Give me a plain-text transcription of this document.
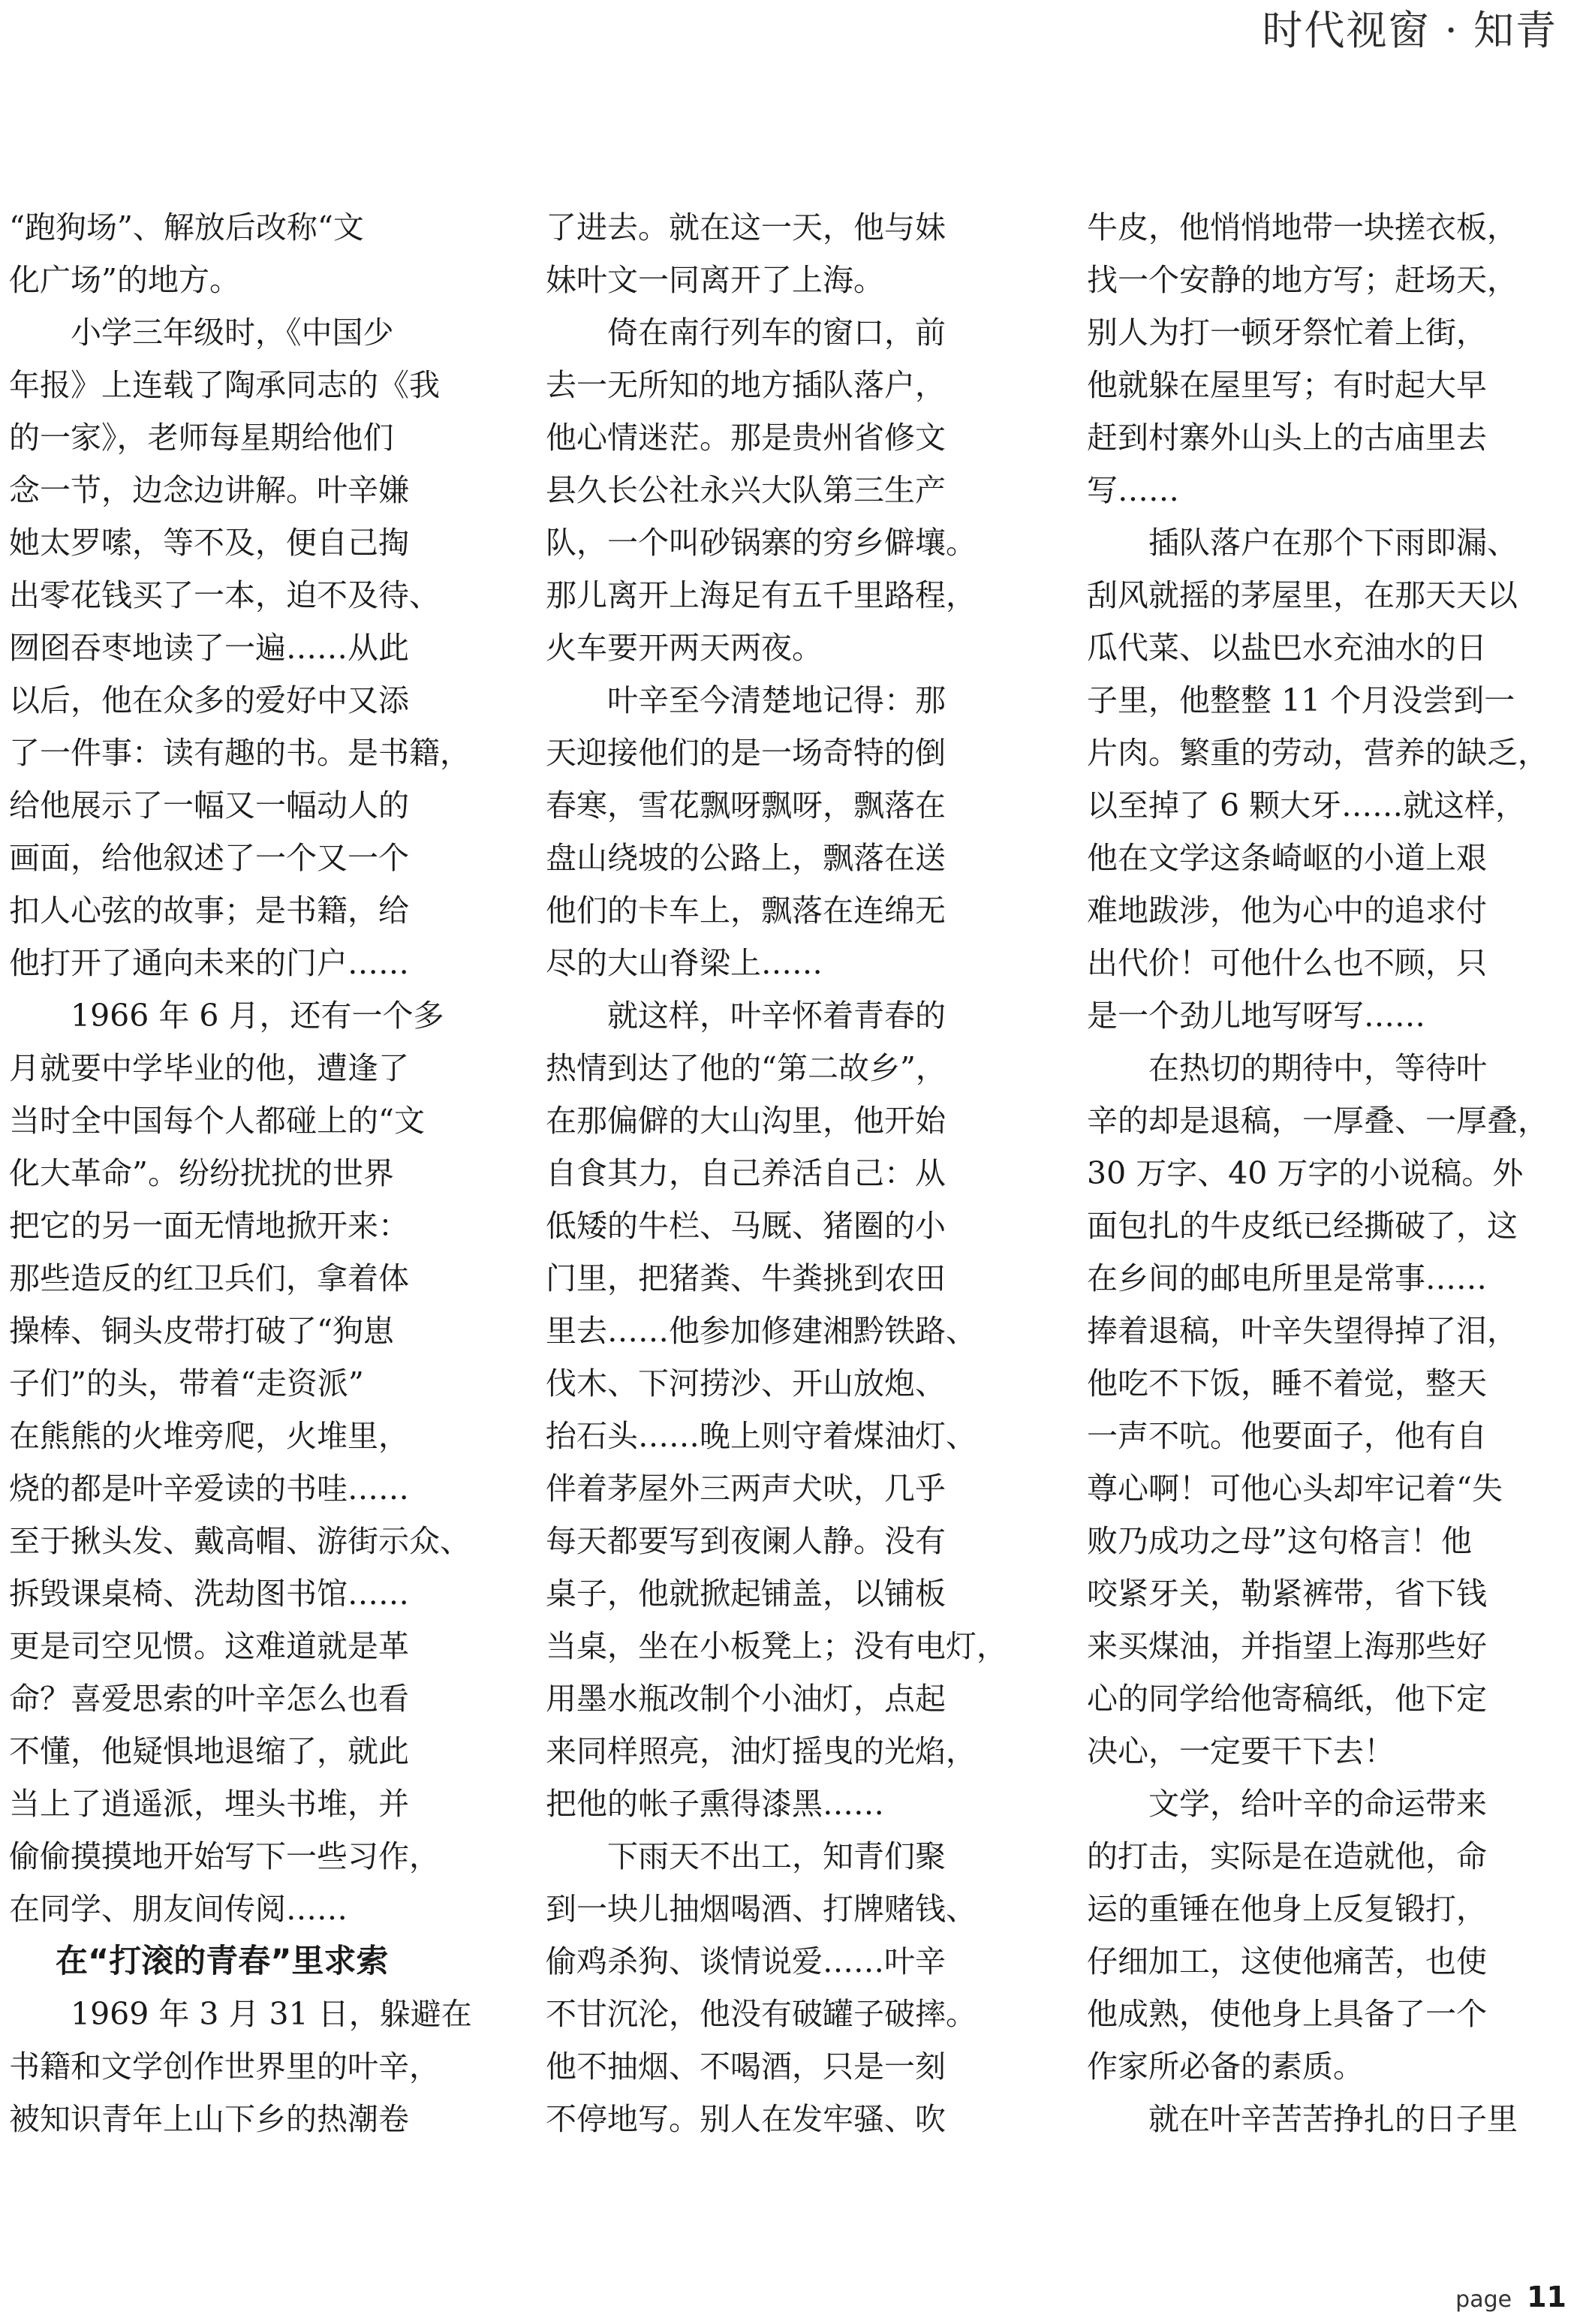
时代视窗 · 知青
“跑狗场”、解放后改称“文
化广场”的地方。
　　小学三年级时，《中国少
年报》上连载了陶承同志的《我
的一家》，老师每星期给他们
念一节，边念边讲解。叶辛嫌
她太罗嗦，等不及，便自己掏
出零花钱买了一本，迫不及待、
囫囵吞枣地读了一遍……从此
以后，他在众多的爱好中又添
了一件事：读有趣的书。是书籍，
给他展示了一幅又一幅动人的
画面，给他叙述了一个又一个
扣人心弦的故事；是书籍，给
他打开了通向未来的门户……
　　1966 年 6 月，还有一个多
月就要中学毕业的他，遭逢了
当时全中国每个人都碰上的“文
化大革命”。纷纷扰扰的世界
把它的另一面无情地掀开来：
那些造反的红卫兵们，拿着体
操棒、铜头皮带打破了“狗崽
子们”的头，带着“走资派”
在熊熊的火堆旁爬，火堆里，
烧的都是叶辛爱读的书哇……
至于揪头发、戴高帽、游街示众、
拆毁课桌椅、洗劫图书馆……
更是司空见惯。这难道就是革
命？喜爱思索的叶辛怎么也看
不懂，他疑惧地退缩了，就此
当上了逍遥派，埋头书堆，并
偷偷摸摸地开始写下一些习作，
在同学、朋友间传阅……
在“打滚的青春”里求索
　　1969 年 3 月 31 日，躲避在
书籍和文学创作世界里的叶辛，
被知识青年上山下乡的热潮卷
了进去。就在这一天，他与妹
妹叶文一同离开了上海。
　　倚在南行列车的窗口，前
去一无所知的地方插队落户，
他心情迷茫。那是贵州省修文
县久长公社永兴大队第三生产
队，一个叫砂锅寨的穷乡僻壤。
那儿离开上海足有五千里路程，
火车要开两天两夜。
　　叶辛至今清楚地记得：那
天迎接他们的是一场奇特的倒
春寒，雪花飘呀飘呀，飘落在
盘山绕坡的公路上，飘落在送
他们的卡车上，飘落在连绵无
尽的大山脊梁上……
　　就这样，叶辛怀着青春的
热情到达了他的“第二故乡”，
在那偏僻的大山沟里，他开始
自食其力，自己养活自己：从
低矮的牛栏、马厩、猪圈的小
门里，把猪粪、牛粪挑到农田
里去……他参加修建湘黔铁路、
伐木、下河捞沙、开山放炮、
抬石头……晚上则守着煤油灯、
伴着茅屋外三两声犬吠，几乎
每天都要写到夜阑人静。没有
桌子，他就掀起铺盖，以铺板
当桌，坐在小板凳上；没有电灯，
用墨水瓶改制个小油灯，点起
来同样照亮，油灯摇曳的光焰，
把他的帐子熏得漆黑……
　　下雨天不出工，知青们聚
到一块儿抽烟喝酒、打牌赌钱、
偷鸡杀狗、谈情说爱……叶辛
不甘沉沦，他没有破罐子破摔。
他不抽烟、不喝酒，只是一刻
不停地写。别人在发牢骚、吹
牛皮，他悄悄地带一块搓衣板，
找一个安静的地方写；赶场天，
别人为打一顿牙祭忙着上街，
他就躲在屋里写；有时起大早
赶到村寨外山头上的古庙里去
写……
　　插队落户在那个下雨即漏、
刮风就摇的茅屋里，在那天天以
瓜代菜、以盐巴水充油水的日
子里，他整整 11 个月没尝到一
片肉。繁重的劳动，营养的缺乏，
以至掉了 6 颗大牙……就这样，
他在文学这条崎岖的小道上艰
难地跋涉，他为心中的追求付
出代价！可他什么也不顾，只
是一个劲儿地写呀写……
　　在热切的期待中，等待叶
辛的却是退稿，一厚叠、一厚叠，
30 万字、40 万字的小说稿。外
面包扎的牛皮纸已经撕破了，这
在乡间的邮电所里是常事……
捧着退稿，叶辛失望得掉了泪，
他吃不下饭，睡不着觉，整天
一声不吭。他要面子，他有自
尊心啊！可他心头却牢记着“失
败乃成功之母”这句格言！他
咬紧牙关，勒紧裤带，省下钱
来买煤油，并指望上海那些好
心的同学给他寄稿纸，他下定
决心，一定要干下去！
　　文学，给叶辛的命运带来
的打击，实际是在造就他，命
运的重锤在他身上反复锻打，
仔细加工，这使他痛苦，也使
他成熟，使他身上具备了一个
作家所必备的素质。
　　就在叶辛苦苦挣扎的日子里
page 11
